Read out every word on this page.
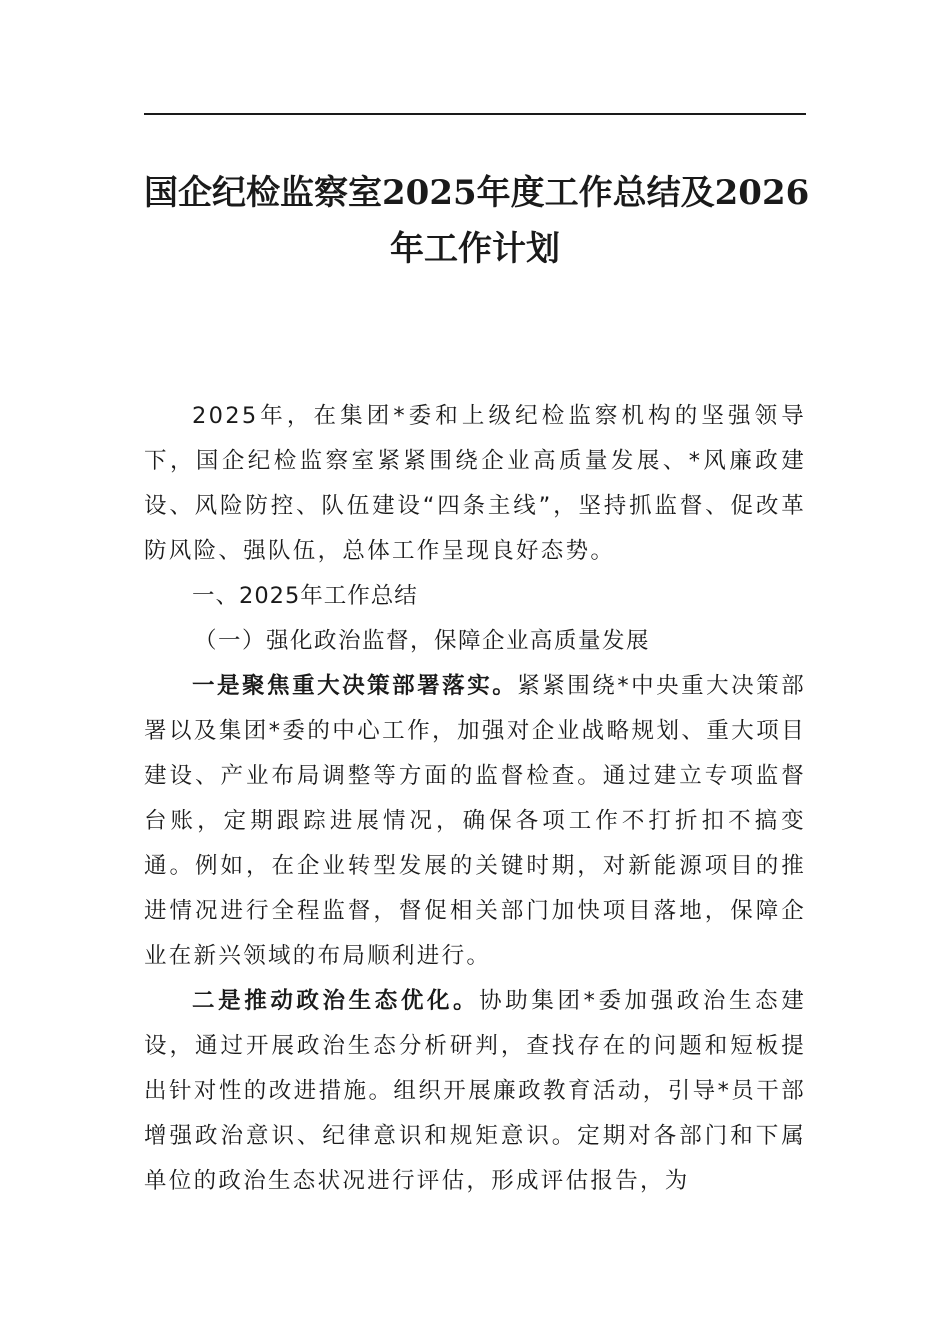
国企纪检监察室2025年度工作总结及2026
年工作计划

2025年，在集团*委和上级纪检监察机构的坚强领导下，国企纪检监察室紧紧围绕企业高质量发展、*风廉政建设、风险防控、队伍建设“四条主线”，坚持抓监督、促改革防风险、强队伍，总体工作呈现良好态势。

一、2025年工作总结

（一）强化政治监督，保障企业高质量发展

一是聚焦重大决策部署落实。紧紧围绕*中央重大决策部署以及集团*委的中心工作，加强对企业战略规划、重大项目建设、产业布局调整等方面的监督检查。通过建立专项监督台账，定期跟踪进展情况，确保各项工作不打折扣不搞变通。例如，在企业转型发展的关键时期，对新能源项目的推进情况进行全程监督，督促相关部门加快项目落地，保障企业在新兴领域的布局顺利进行。

二是推动政治生态优化。协助集团*委加强政治生态建设，通过开展政治生态分析研判，查找存在的问题和短板提出针对性的改进措施。组织开展廉政教育活动，引导*员干部增强政治意识、纪律意识和规矩意识。定期对各部门和下属单位的政治生态状况进行评估，形成评估报告，为
